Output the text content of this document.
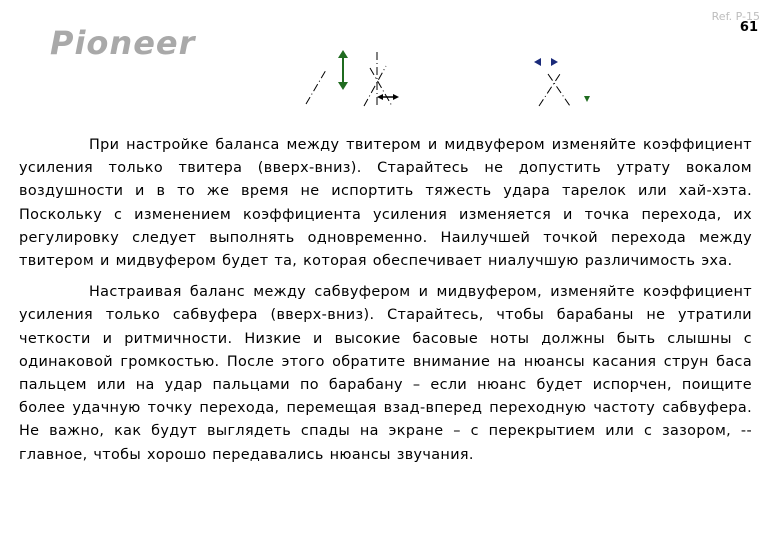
Pioneer
Ref. P-15
61

При настройке баланса между твитером и мидвуфером изменяйте коэффициент усиления только твитера (вверх-вниз). Старайтесь не допустить утрату вокалом воздушности и в то же время не испортить тяжесть удара тарелок или хай-хэта. Поскольку с изменением коэффициента усиления изменяется и точка перехода, их регулировку следует выполнять одновременно. Наилучшей точкой перехода между твитером и мидвуфером будет та, которая обеспечивает ниалучшую различимость эха.

Настраивая баланс между сабвуфером и мидвуфером, изменяйте коэффициент усиления только сабвуфера (вверх-вниз). Старайтесь, чтобы барабаны не утратили четкости и ритмичности. Низкие и высокие басовые ноты должны быть слышны с одинаковой громкостью. После этого обратите внимание на нюансы касания струн баса пальцем или на удар пальцами по барабану – если нюанс будет испорчен, поищите более удачную точку перехода, перемещая взад-вперед переходную частоту сабвуфера. Не важно, как будут выглядеть спады на экране – с перекрытием или с зазором, -- главное, чтобы хорошо передавались нюансы звучания.
